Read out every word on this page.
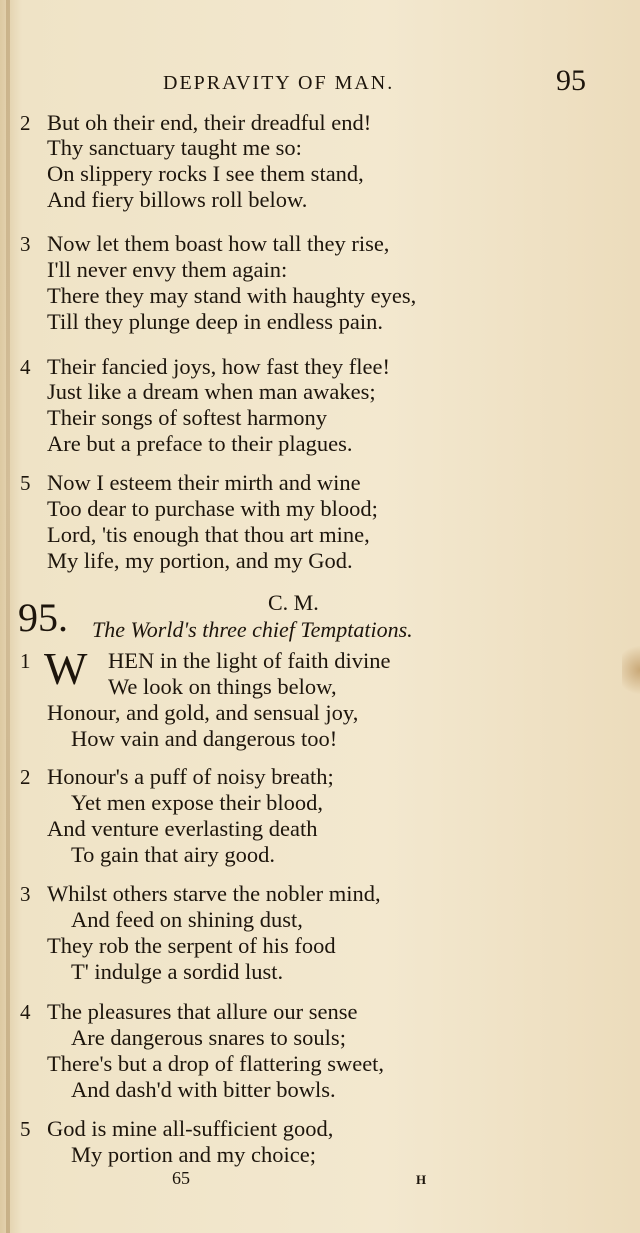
DEPRAVITY OF MAN.	95
2 But oh their end, their dreadful end!
Thy sanctuary taught me so:
On slippery rocks I see them stand,
And fiery billows roll below.
3 Now let them boast how tall they rise,
I'll never envy them again:
There they may stand with haughty eyes,
Till they plunge deep in endless pain.
4 Their fancied joys, how fast they flee!
Just like a dream when man awakes;
Their songs of softest harmony
Are but a preface to their plagues.
5 Now I esteem their mirth and wine
Too dear to purchase with my blood;
Lord, 'tis enough that thou art mine,
My life, my portion, and my God.
95.	C. M.
The World's three chief Temptations.
1 W HEN in the light of faith divine
We look on things below,
Honour, and gold, and sensual joy,
How vain and dangerous too!
2 Honour's a puff of noisy breath;
Yet men expose their blood,
And venture everlasting death
To gain that airy good.
3 Whilst others starve the nobler mind,
And feed on shining dust,
They rob the serpent of his food
T' indulge a sordid lust.
4 The pleasures that allure our sense
Are dangerous snares to souls;
There's but a drop of flattering sweet,
And dash'd with bitter bowls.
5 God is mine all-sufficient good,
My portion and my choice;
65	H
